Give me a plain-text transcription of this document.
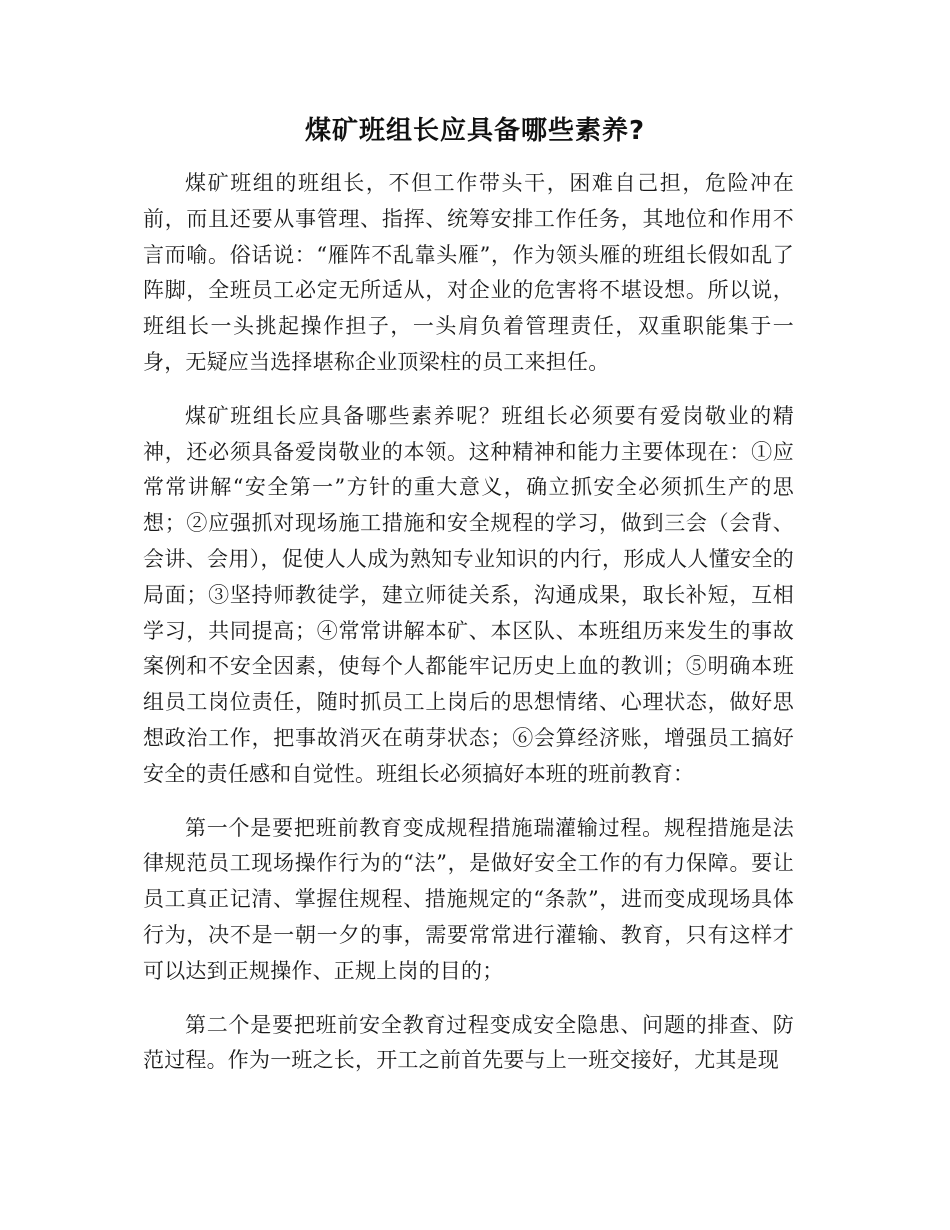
煤矿班组长应具备哪些素养?

煤矿班组的班组长，不但工作带头干，困难自己担，危险冲在前，而且还要从事管理、指挥、统筹安排工作任务，其地位和作用不言而喻。俗话说：“雁阵不乱靠头雁”，作为领头雁的班组长假如乱了阵脚，全班员工必定无所适从，对企业的危害将不堪设想。所以说，班组长一头挑起操作担子，一头肩负着管理责任，双重职能集于一身，无疑应当选择堪称企业顶梁柱的员工来担任。

煤矿班组长应具备哪些素养呢？班组长必须要有爱岗敬业的精神，还必须具备爱岗敬业的本领。这种精神和能力主要体现在：①应常常讲解“安全第一”方针的重大意义，确立抓安全必须抓生产的思想；②应强抓对现场施工措施和安全规程的学习，做到三会（会背、会讲、会用），促使人人成为熟知专业知识的内行，形成人人懂安全的局面；③坚持师教徒学，建立师徒关系，沟通成果，取长补短，互相学习，共同提高；④常常讲解本矿、本区队、本班组历来发生的事故案例和不安全因素，使每个人都能牢记历史上血的教训；⑤明确本班组员工岗位责任，随时抓员工上岗后的思想情绪、心理状态，做好思想政治工作，把事故消灭在萌芽状态；⑥会算经济账，增强员工搞好安全的责任感和自觉性。班组长必须搞好本班的班前教育：

第一个是要把班前教育变成规程措施瑞灌输过程。规程措施是法律规范员工现场操作行为的“法”，是做好安全工作的有力保障。要让员工真正记清、掌握住规程、措施规定的“条款”，进而变成现场具体行为，决不是一朝一夕的事，需要常常进行灌输、教育，只有这样才可以达到正规操作、正规上岗的目的；

第二个是要把班前安全教育过程变成安全隐患、问题的排查、防范过程。作为一班之长，开工之前首先要与上一班交接好，尤其是现
